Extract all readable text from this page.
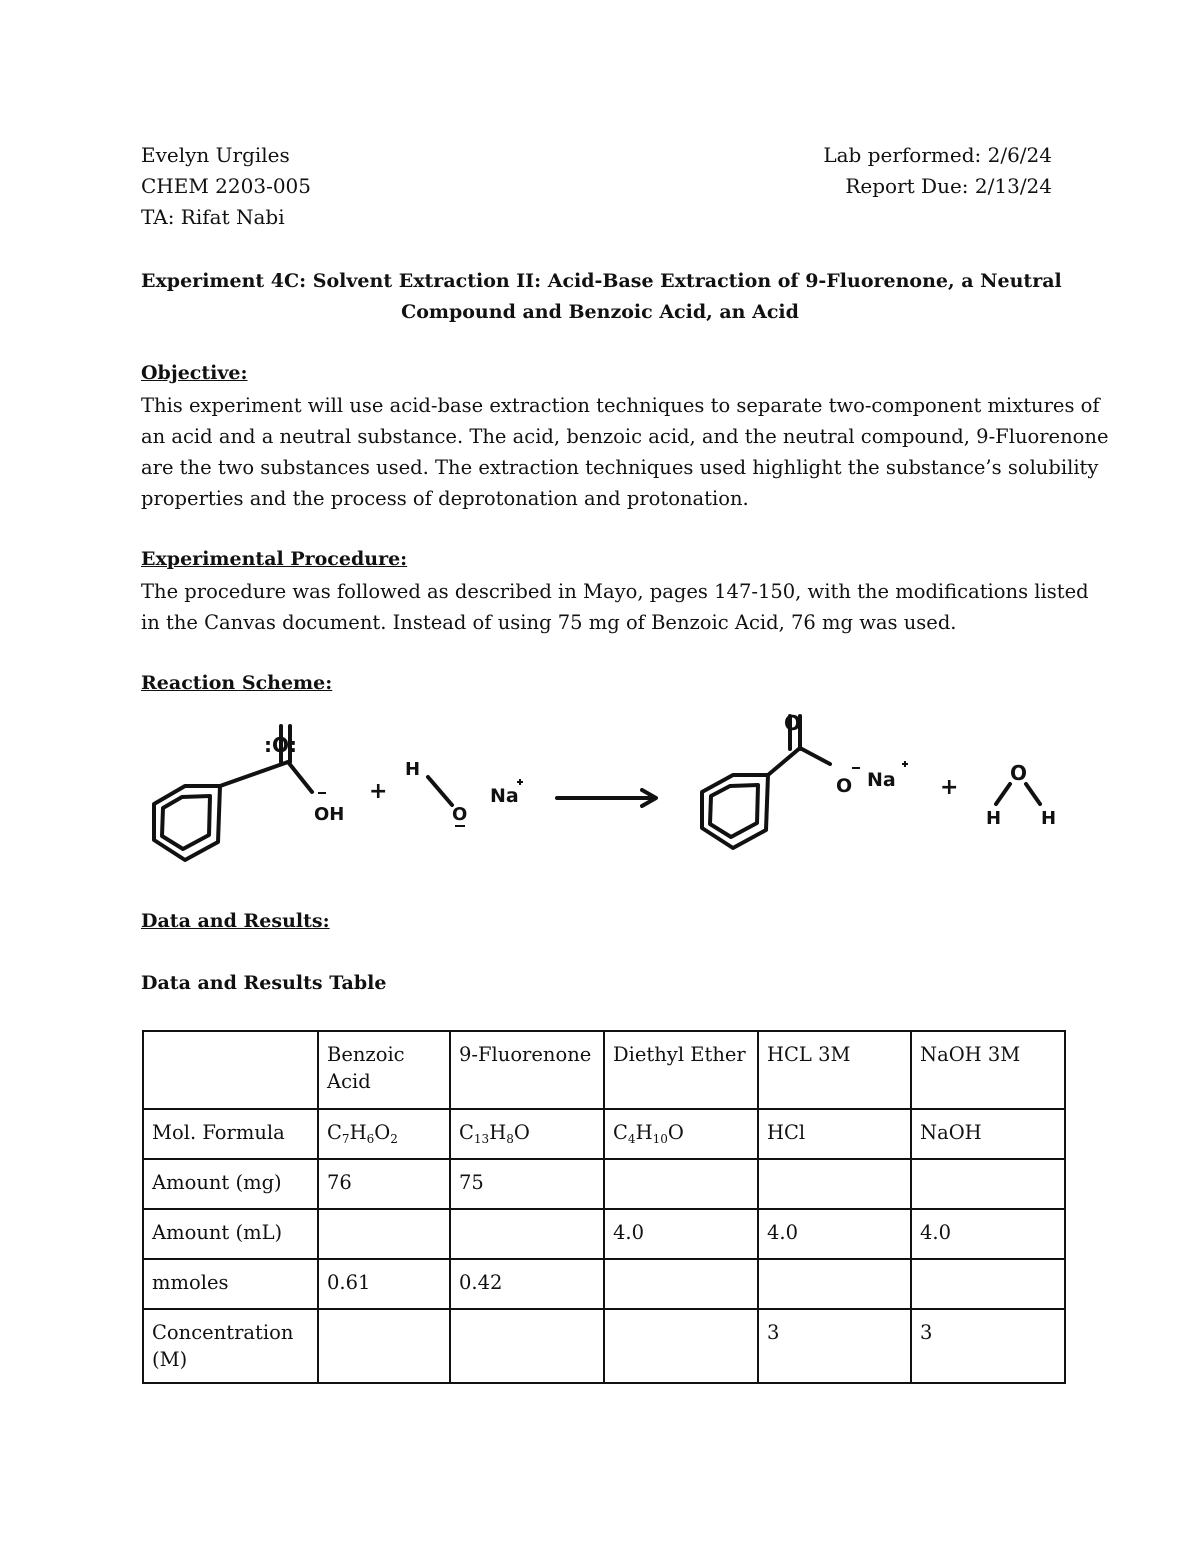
Evelyn Urgiles
CHEM 2203-005
TA: Rifat Nabi
Lab performed: 2/6/24
Report Due: 2/13/24
Experiment 4C: Solvent Extraction II: Acid-Base Extraction of 9-Fluorenone, a Neutral
Compound and Benzoic Acid, an Acid
Objective:
This experiment will use acid-base extraction techniques to separate two-component mixtures of
an acid and a neutral substance. The acid, benzoic acid, and the neutral compound, 9-Fluorenone
are the two substances used. The extraction techniques used highlight the substance’s solubility
properties and the process of deprotonation and protonation.
Experimental Procedure:
The procedure was followed as described in Mayo, pages 147-150, with the modifications listed
in the Canvas document. Instead of using 75 mg of Benzoic Acid, 76 mg was used.
Reaction Scheme:
:O:
OH
+
H
O
Na
O
O Na +
O
H H
Data and Results:
Data and Results Table
	Benzoic Acid	9-Fluorenone	Diethyl Ether	HCL 3M	NaOH 3M
Mol. Formula	$C_7H_6O_2$	$C_{13}H_8O$	$C_4H_{10}O$	HCl	NaOH
Amount (mg)	76	75			
Amount (mL)			4.0	4.0	4.0
mmoles	0.61	0.42			
Concentration (M)				3	3
